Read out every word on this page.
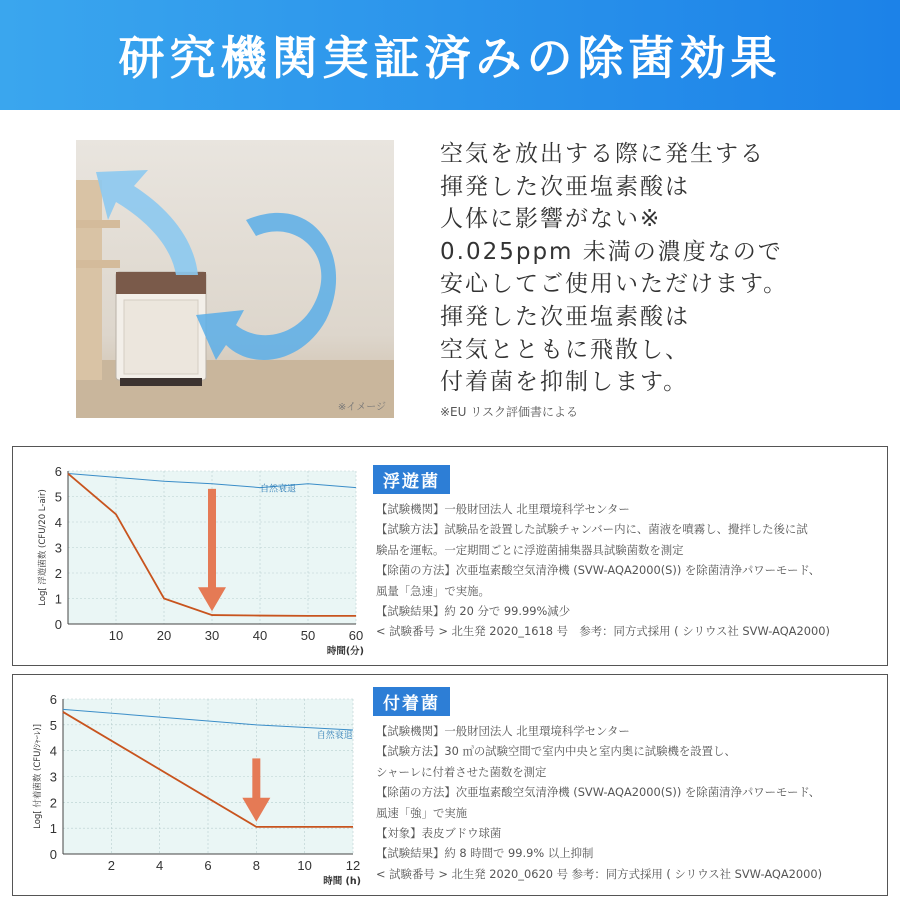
研究機関実証済みの除菌効果
※イメージ
空気を放出する際に発生する
揮発した次亜塩素酸は
人体に影響がない※
0.025ppm 未満の濃度なので
安心してご使用いただけます。
揮発した次亜塩素酸は
空気とともに飛散し、
付着菌を抑制します。
※EU リスク評価書による
0
1
2
3
4
5
6
10	20	30	40	50	60
時間(分)
Log[ 浮遊菌数 (CFU/20 L-air)	自然衰退	浮遊菌
【試験機関】一般財団法人 北里環境科学センター
【試験方法】試験品を設置した試験チャンバー内に、菌液を噴霧し、攪拌した後に試
験品を運転。一定期間ごとに浮遊菌捕集器具試験菌数を測定
【除菌の方法】次亜塩素酸空気清浄機 (SVW-AQA2000(S)) を除菌清浄パワーモード、
風量「急速」で実施。
【試験結果】約 20 分で 99.99%減少
< 試験番号 > 北生発 2020_1618 号　参考：同方式採用 ( シリウス社 SVW-AQA2000)
0
1
2
3
4
5
6
2	4	6	8	10	12
時間 (h)
Log[ 付着菌数 (CFU/ｼｬｰﾚ)]	自然衰退
付着菌
【試験機関】一般財団法人 北里環境科学センター
【試験方法】30 ㎥の試験空間で室内中央と室内奥に試験機を設置し、
シャーレに付着させた菌数を測定
【除菌の方法】次亜塩素酸空気清浄機 (SVW-AQA2000(S)) を除菌清浄パワーモード、
風速「強」で実施
【対象】表皮ブドウ球菌
【試験結果】約 8 時間で 99.9% 以上抑制
< 試験番号 > 北生発 2020_0620 号 参考：同方式採用 ( シリウス社 SVW-AQA2000)
